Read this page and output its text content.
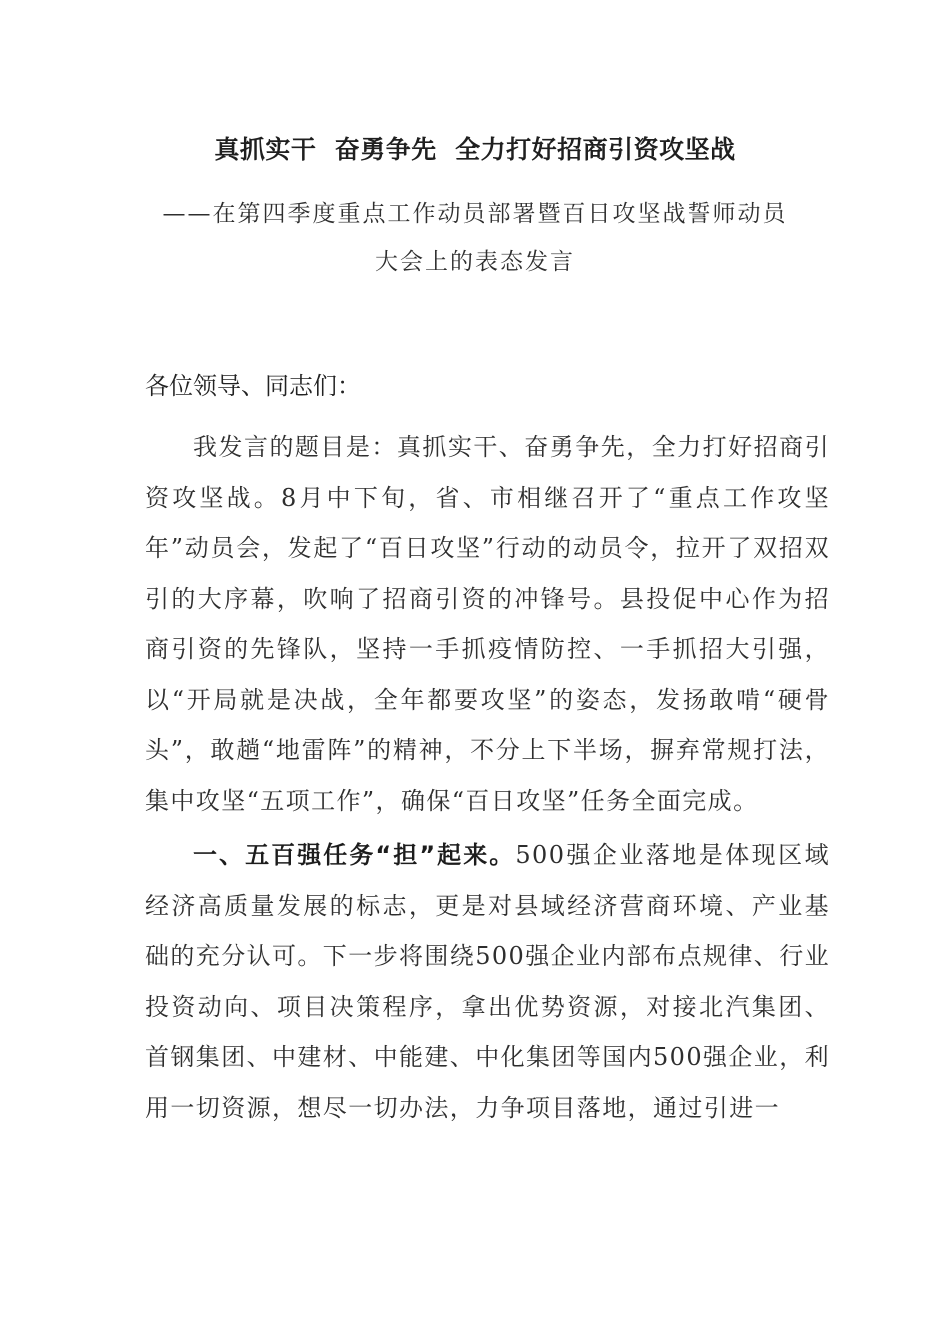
真抓实干  奋勇争先  全力打好招商引资攻坚战
——在第四季度重点工作动员部署暨百日攻坚战誓师动员
大会上的表态发言
各位领导、同志们：
我发言的题目是：真抓实干、奋勇争先，全力打好招商引资攻坚战。8月中下旬，省、市相继召开了“重点工作攻坚年”动员会，发起了“百日攻坚”行动的动员令，拉开了双招双引的大序幕，吹响了招商引资的冲锋号。县投促中心作为招商引资的先锋队，坚持一手抓疫情防控、一手抓招大引强，以“开局就是决战，全年都要攻坚”的姿态，发扬敢啃“硬骨头”，敢趟“地雷阵”的精神，不分上下半场，摒弃常规打法，集中攻坚“五项工作”，确保“百日攻坚”任务全面完成。
一、五百强任务“担”起来。500强企业落地是体现区域经济高质量发展的标志，更是对县域经济营商环境、产业基础的充分认可。下一步将围绕500强企业内部布点规律、行业投资动向、项目决策程序，拿出优势资源，对接北汽集团、首钢集团、中建材、中能建、中化集团等国内500强企业，利用一切资源，想尽一切办法，力争项目落地，通过引进一
